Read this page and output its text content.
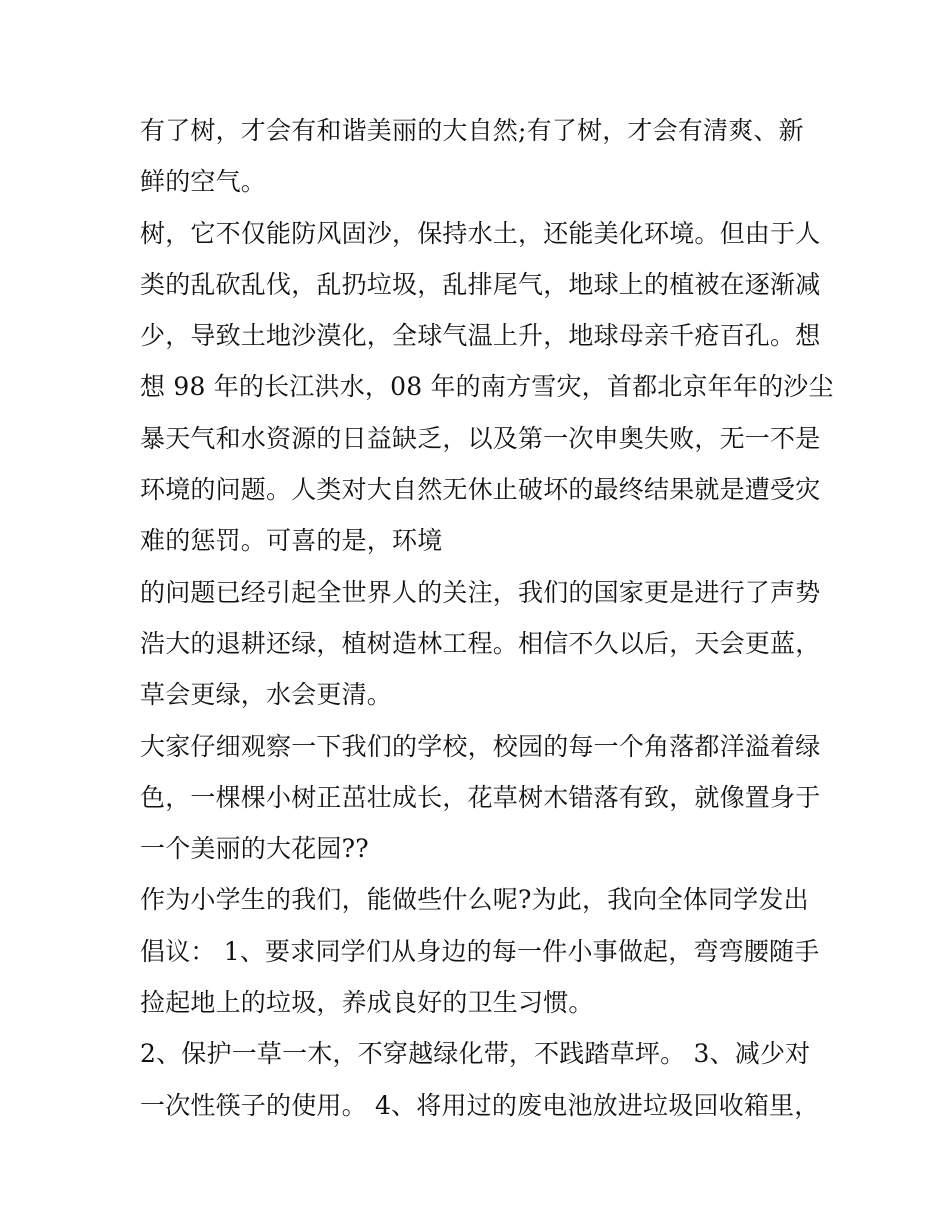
有了树，才会有和谐美丽的大自然;有了树，才会有清爽、新
鲜的空气。
树，它不仅能防风固沙，保持水土，还能美化环境。但由于人
类的乱砍乱伐，乱扔垃圾，乱排尾气，地球上的植被在逐渐减
少，导致土地沙漠化，全球气温上升，地球母亲千疮百孔。想
想 98 年的长江洪水，08 年的南方雪灾，首都北京年年的沙尘
暴天气和水资源的日益缺乏，以及第一次申奥失败，无一不是
环境的问题。人类对大自然无休止破坏的最终结果就是遭受灾
难的惩罚。可喜的是，环境
的问题已经引起全世界人的关注，我们的国家更是进行了声势
浩大的退耕还绿，植树造林工程。相信不久以后，天会更蓝，
草会更绿，水会更清。
大家仔细观察一下我们的学校，校园的每一个角落都洋溢着绿
色，一棵棵小树正茁壮成长，花草树木错落有致，就像置身于
一个美丽的大花园??
作为小学生的我们，能做些什么呢?为此，我向全体同学发出
倡议： 1、要求同学们从身边的每一件小事做起，弯弯腰随手
捡起地上的垃圾，养成良好的卫生习惯。
2、保护一草一木，不穿越绿化带，不践踏草坪。 3、减少对
一次性筷子的使用。 4、将用过的废电池放进垃圾回收箱里，
